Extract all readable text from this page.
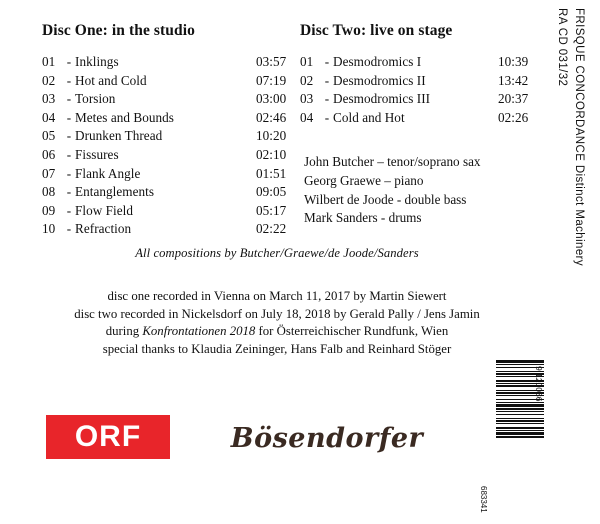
Disc One: in the studio
01 - Inklings	03:57
02 - Hot and Cold	07:19
03 - Torsion	03:00
04 - Metes and Bounds	02:46
05 - Drunken Thread	10:20
06 - Fissures	02:10
07 - Flank Angle	01:51
08 - Entanglements	09:05
09 - Flow Field	05:17
10 - Refraction	02:22
Disc Two: live on stage
01 - Desmodromics I	10:39
02 - Desmodromics II	13:42
03 - Desmodromics III	20:37
04 - Cold and Hot	02:26
John Butcher – tenor/soprano sax
Georg Graewe – piano
Wilbert de Joode - double bass
Mark Sanders - drums
All compositions by Butcher/Graewe/de Joode/Sanders
disc one recorded in Vienna on March 11, 2017 by Martin Siewert
disc two recorded in Nickelsdorf on July 18, 2018 by Gerald Pally / Jens Jamin
during Konfrontationen 2018 for Österreichischer Rundfunk, Wien
special thanks to Klaudia Zeininger, Hans Falb and Reinhard Stöger
ORF	Bösendorfer
683341
9 120036
RA CD 031/32 FRISQUE CONCORDANCE Distinct Machinery
